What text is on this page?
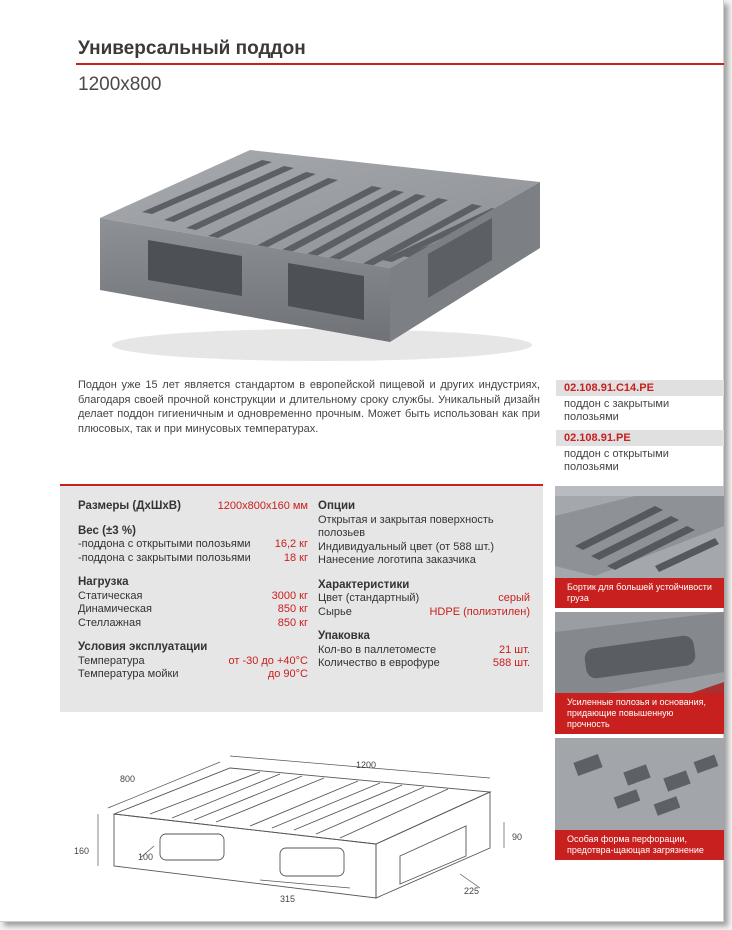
Универсальный поддон
1200x800
Поддон уже 15 лет является стандартом в европейской пищевой и других индустриях, благодаря своей прочной конструкции и длительному сроку службы. Уникальный дизайн делает поддон гигиеничным и одновременно прочным. Может быть использован как при плюсовых, так и при минусовых температурах.
02.108.91.C14.PE
поддон с закрытыми полозьями
02.108.91.PE
поддон с открытыми полозьями
Размеры (ДхШхВ)	1200x800x160 мм
Вес (±3 %)
-поддона с открытыми полозьями 16,2 кг
-поддона с закрытыми полозьями	18 кг
Нагрузка
Статическая	3000 кг
Динамическая	850 кг
Стеллажная	850 кг
Условия эксплуатации
Температура	от -30 до +40°C
Температура мойки	до 90°C
Опции
Открытая и закрытая поверхность
полозьев
Индивидуальный цвет (от 588 шт.)
Нанесение логотипа заказчика
Характеристики
Цвет (стандартный)	серый
Сырье	HDPE (полиэтилен)
Упаковка
Кол-во в паллетоместе	21 шт.
Количество в еврофуре	588 шт.
Бортик для большей устойчивости груза
Усиленные полозья и основания, придающие повышенную прочность
Особая форма перфорации, предотвра-щающая загрязнение
1200
800
160
90
100
315
225
